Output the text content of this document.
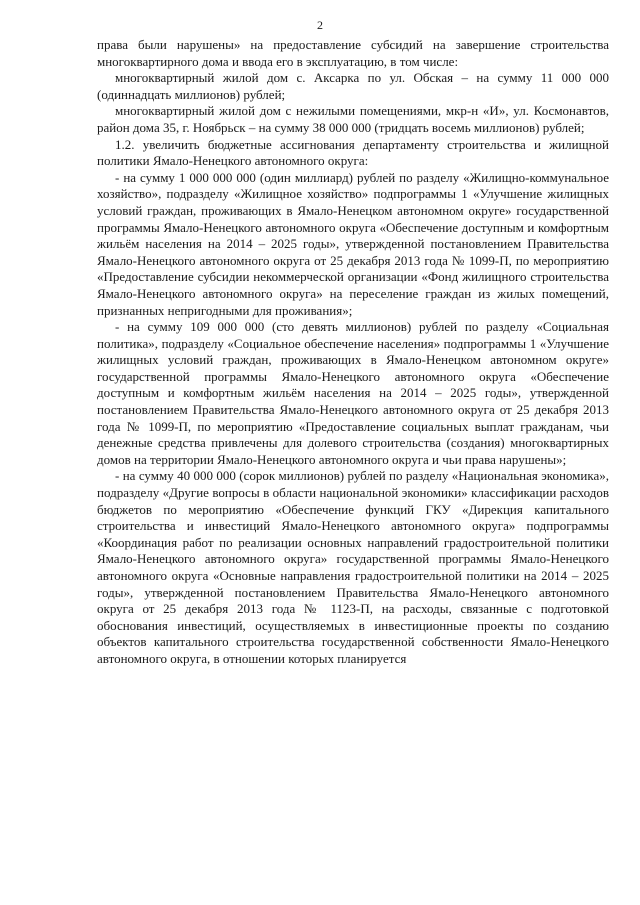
2

права были нарушены» на предоставление субсидий на завершение строительства многоквартирного дома и ввода его в эксплуатацию, в том числе:

многоквартирный жилой дом с. Аксарка по ул. Обская – на сумму 11 000 000 (одиннадцать миллионов) рублей;

многоквартирный жилой дом с нежилыми помещениями, мкр-н «И», ул. Космонавтов, район дома 35, г. Ноябрьск – на сумму 38 000 000 (тридцать восемь миллионов) рублей;

1.2. увеличить бюджетные ассигнования департаменту строительства и жилищной политики Ямало-Ненецкого автономного округа:

- на сумму 1 000 000 000 (один миллиард) рублей по разделу «Жилищно-коммунальное хозяйство», подразделу «Жилищное хозяйство» подпрограммы 1 «Улучшение жилищных условий граждан, проживающих в Ямало-Ненецком автономном округе» государственной программы Ямало-Ненецкого автономного округа «Обеспечение доступным и комфортным жильём населения на 2014 – 2025 годы», утвержденной постановлением Правительства Ямало-Ненецкого автономного округа от 25 декабря 2013 года № 1099-П, по мероприятию «Предоставление субсидии некоммерческой организации «Фонд жилищного строительства Ямало-Ненецкого автономного округа» на переселение граждан из жилых помещений, признанных непригодными для проживания»;

- на сумму 109 000 000 (сто девять миллионов) рублей по разделу «Социальная политика», подразделу «Социальное обеспечение населения» подпрограммы 1 «Улучшение жилищных условий граждан, проживающих в Ямало-Ненецком автономном округе» государственной программы Ямало-Ненецкого автономного округа «Обеспечение доступным и комфортным жильём населения на 2014 – 2025 годы», утвержденной постановлением Правительства Ямало-Ненецкого автономного округа от 25 декабря 2013 года № 1099-П, по мероприятию «Предоставление социальных выплат гражданам, чьи денежные средства привлечены для долевого строительства (создания) многоквартирных домов на территории Ямало-Ненецкого автономного округа и чьи права нарушены»;

- на сумму 40 000 000 (сорок миллионов) рублей по разделу «Национальная экономика», подразделу «Другие вопросы в области национальной экономики» классификации расходов бюджетов по мероприятию «Обеспечение функций ГКУ «Дирекция капитального строительства и инвестиций Ямало-Ненецкого автономного округа» подпрограммы «Координация работ по реализации основных направлений градостроительной политики Ямало-Ненецкого автономного округа» государственной программы Ямало-Ненецкого автономного округа «Основные направления градостроительной политики на 2014 – 2025 годы», утвержденной постановлением Правительства Ямало-Ненецкого автономного округа от 25 декабря 2013 года № 1123-П, на расходы, связанные с подготовкой обоснования инвестиций, осуществляемых в инвестиционные проекты по созданию объектов капитального строительства государственной собственности Ямало-Ненецкого автономного округа, в отношении которых планируется
